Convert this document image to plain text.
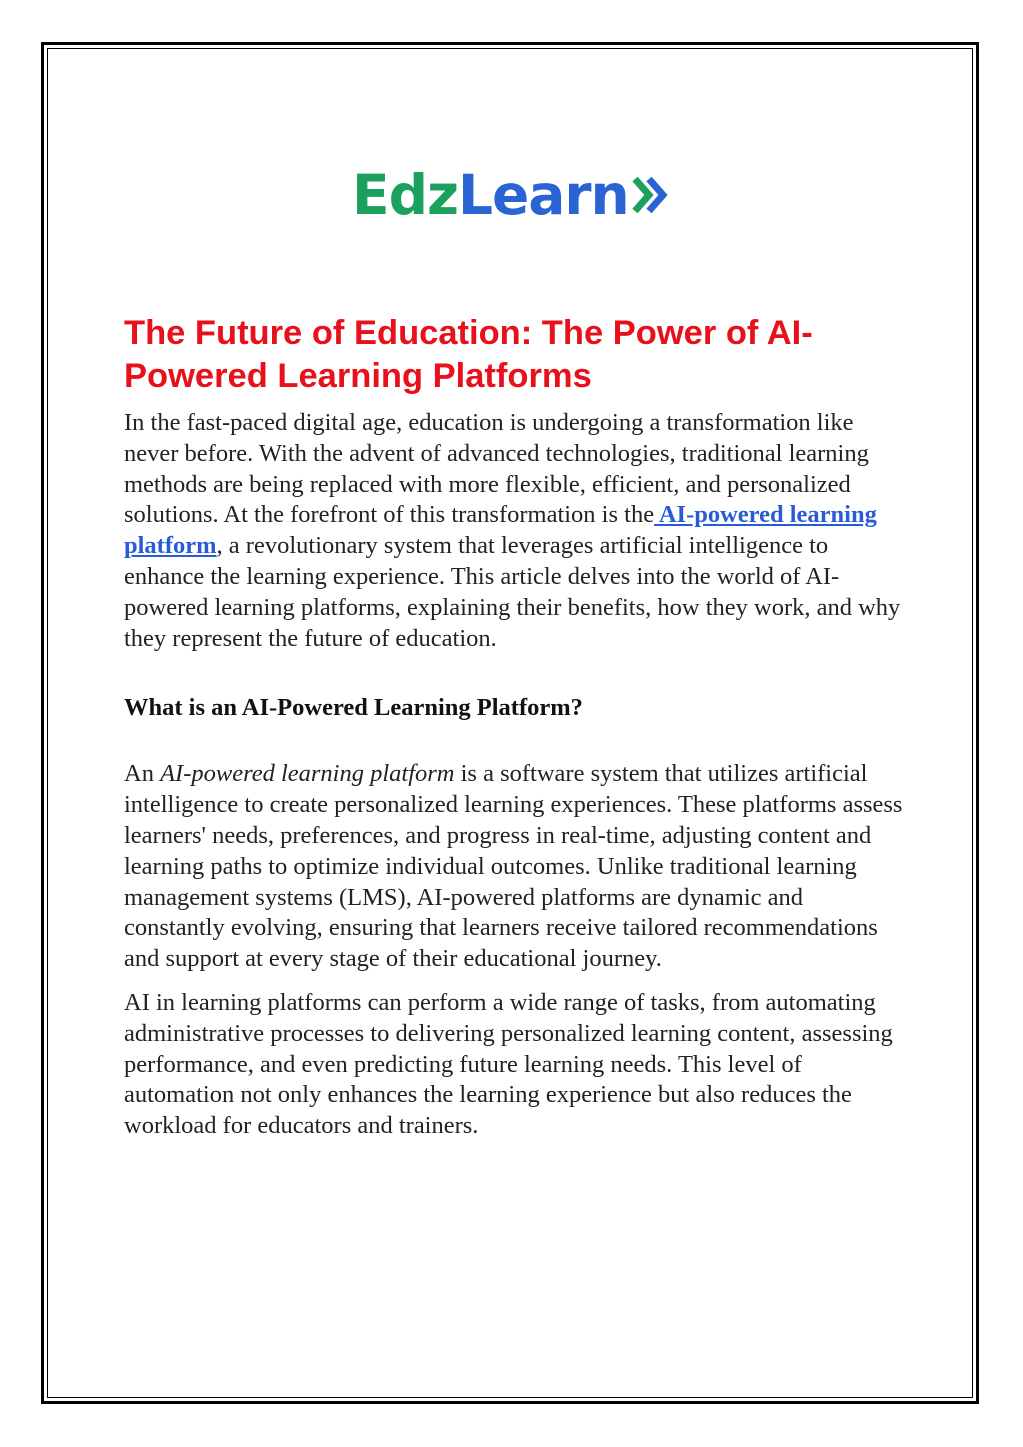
Edz Learn
The Future of Education: The Power of AI-Powered Learning Platforms

In the fast-paced digital age, education is undergoing a transformation like never before. With the advent of advanced technologies, traditional learning methods are being replaced with more flexible, efficient, and personalized solutions. At the forefront of this transformation is the AI-powered learning platform, a revolutionary system that leverages artificial intelligence to enhance the learning experience. This article delves into the world of AI-powered learning platforms, explaining their benefits, how they work, and why they represent the future of education.

What is an AI-Powered Learning Platform?

An AI-powered learning platform is a software system that utilizes artificial intelligence to create personalized learning experiences. These platforms assess learners' needs, preferences, and progress in real-time, adjusting content and learning paths to optimize individual outcomes. Unlike traditional learning management systems (LMS), AI-powered platforms are dynamic and constantly evolving, ensuring that learners receive tailored recommendations and support at every stage of their educational journey.

AI in learning platforms can perform a wide range of tasks, from automating administrative processes to delivering personalized learning content, assessing performance, and even predicting future learning needs. This level of automation not only enhances the learning experience but also reduces the workload for educators and trainers.
